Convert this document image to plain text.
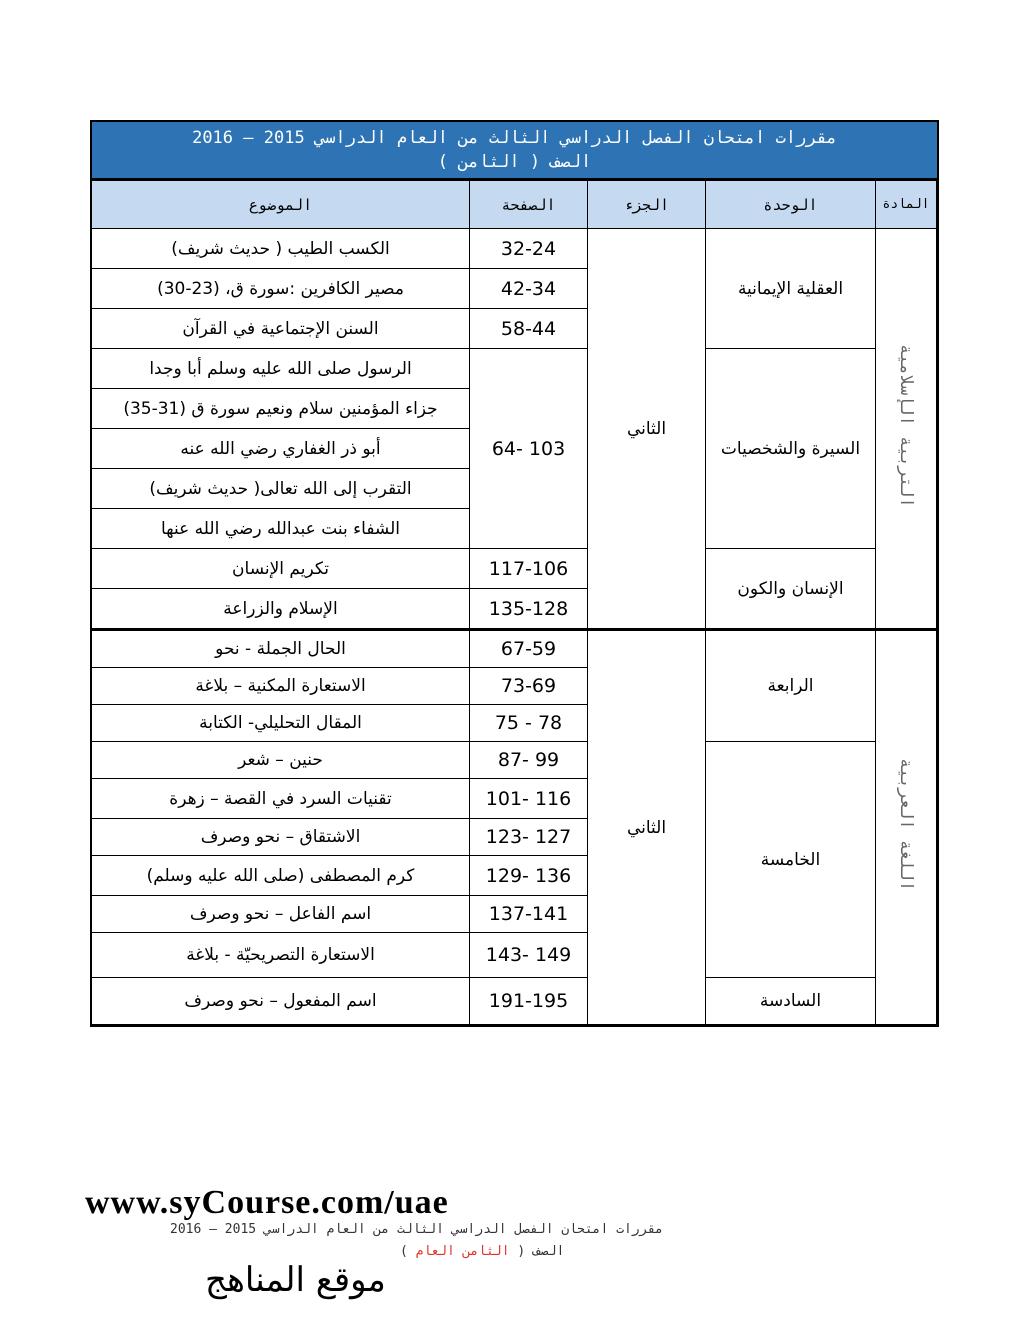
مقررات امتحان الفصل الدراسي الثالث من العام الدراسي 2015 – 2016
الصف ( الثامن )
المادة	الوحدة	الجزء	الصفحة	الموضوع
التربية الإسلامية	العقلية الإيمانية	الثاني	32-24	الكسب الطيب ( حديث شريف)
			42-34	مصير الكافرين :سورة ق، (23-30)
			58-44	السنن الإجتماعية في القرآن
	السيرة والشخصيات		64- 103	الرسول صلى الله عليه وسلم أبا وجدا
				جزاء المؤمنين سلام ونعيم سورة ق (31-35)
				أبو ذر الغفاري رضي الله عنه
				التقرب إلى الله تعالى( حديث شريف)
				الشفاء بنت عبدالله رضي الله عنها
	الإنسان والكون		117-106	تكريم الإنسان
			135-128	الإسلام والزراعة
اللغة العربية	الرابعة	الثاني	67-59	الحال الجملة - نحو
			73-69	الاستعارة المكنية – بلاغة
			75 - 78	المقال التحليلي- الكتابة
	الخامسة		87- 99	حنين – شعر
			101- 116	تقنيات السرد في القصة – زهرة
			123- 127	الاشتقاق – نحو وصرف
			129- 136	كرم المصطفى (صلى الله عليه وسلم)
			137-141	اسم الفاعل – نحو وصرف
			143- 149	الاستعارة التصريحيّة - بلاغة
	السادسة		191-195	اسم المفعول – نحو وصرف
www.syCourse.com/uae
مقررات امتحان الفصل الدراسي الثالث من العام الدراسي 2015 – 2016
الصف ( الثامن العام )
موقع المناهج
